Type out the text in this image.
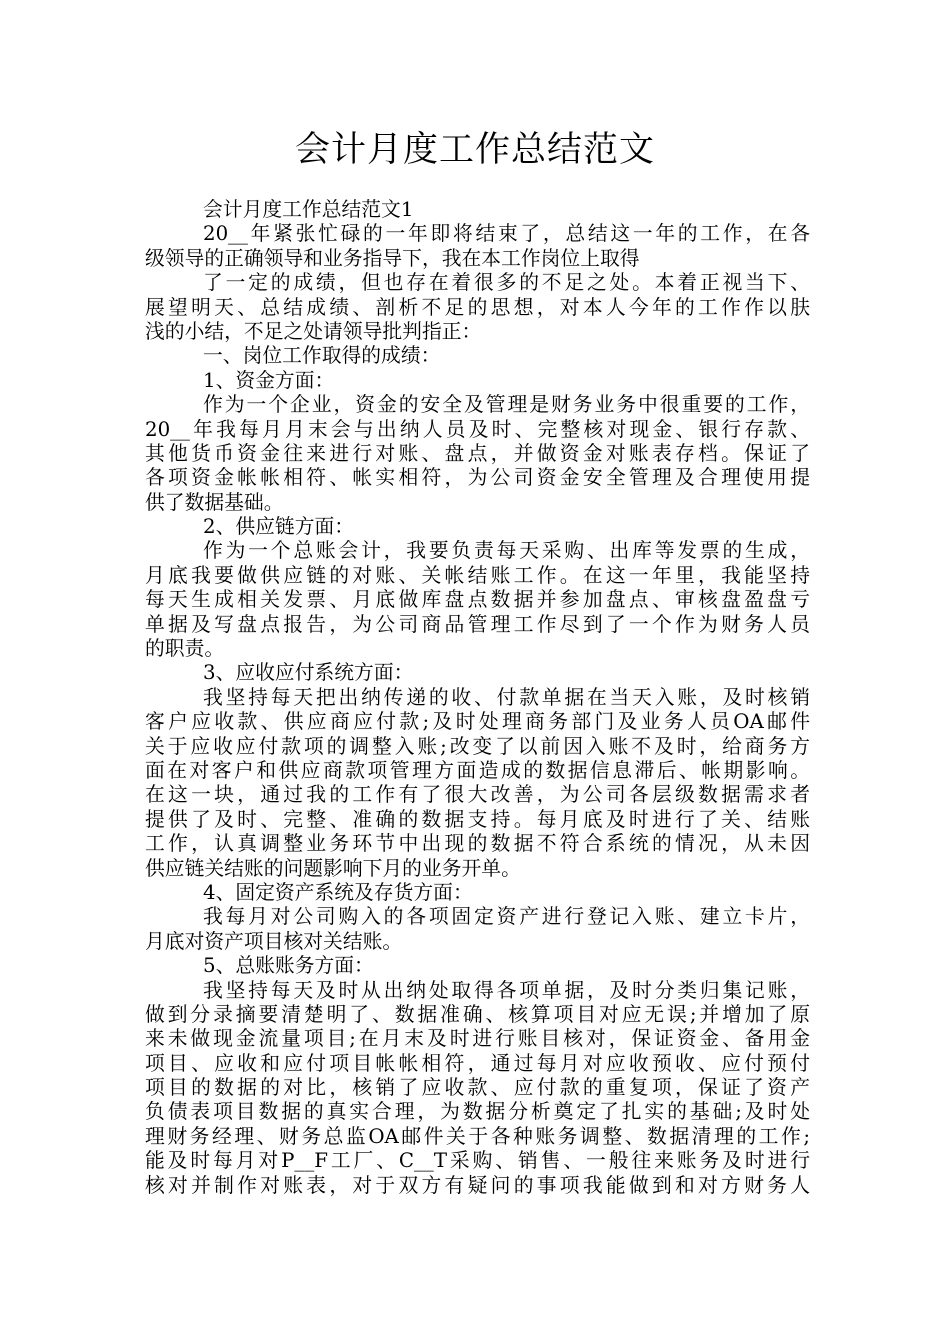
会计月度工作总结范文
会计月度工作总结范文1
20__年紧张忙碌的一年即将结束了，总结这一年的工作，在各
级领导的正确领导和业务指导下，我在本工作岗位上取得
了一定的成绩，但也存在着很多的不足之处。本着正视当下、
展望明天、总结成绩、剖析不足的思想，对本人今年的工作作以肤
浅的小结，不足之处请领导批判指正：
一、岗位工作取得的成绩：
1、资金方面：
作为一个企业，资金的安全及管理是财务业务中很重要的工作，
20__年我每月月末会与出纳人员及时、完整核对现金、银行存款、
其他货币资金往来进行对账、盘点，并做资金对账表存档。保证了
各项资金帐帐相符、帐实相符，为公司资金安全管理及合理使用提
供了数据基础。
2、供应链方面：
作为一个总账会计，我要负责每天采购、出库等发票的生成，
月底我要做供应链的对账、关帐结账工作。在这一年里，我能坚持
每天生成相关发票、月底做库盘点数据并参加盘点、审核盘盈盘亏
单据及写盘点报告，为公司商品管理工作尽到了一个作为财务人员
的职责。
3、应收应付系统方面：
我坚持每天把出纳传递的收、付款单据在当天入账，及时核销
客户应收款、供应商应付款;及时处理商务部门及业务人员OA邮件
关于应收应付款项的调整入账;改变了以前因入账不及时，给商务方
面在对客户和供应商款项管理方面造成的数据信息滞后、帐期影响。
在这一块，通过我的工作有了很大改善，为公司各层级数据需求者
提供了及时、完整、准确的数据支持。每月底及时进行了关、结账
工作，认真调整业务环节中出现的数据不符合系统的情况，从未因
供应链关结账的问题影响下月的业务开单。
4、固定资产系统及存货方面：
我每月对公司购入的各项固定资产进行登记入账、建立卡片，
月底对资产项目核对关结账。
5、总账账务方面：
我坚持每天及时从出纳处取得各项单据，及时分类归集记账，
做到分录摘要清楚明了、数据准确、核算项目对应无误;并增加了原
来未做现金流量项目;在月末及时进行账目核对，保证资金、备用金
项目、应收和应付项目帐帐相符，通过每月对应收预收、应付预付
项目的数据的对比，核销了应收款、应付款的重复项，保证了资产
负债表项目数据的真实合理，为数据分析奠定了扎实的基础;及时处
理财务经理、财务总监OA邮件关于各种账务调整、数据清理的工作;
能及时每月对P__F工厂、C__T采购、销售、一般往来账务及时进行
核对并制作对账表，对于双方有疑问的事项我能做到和对方财务人
